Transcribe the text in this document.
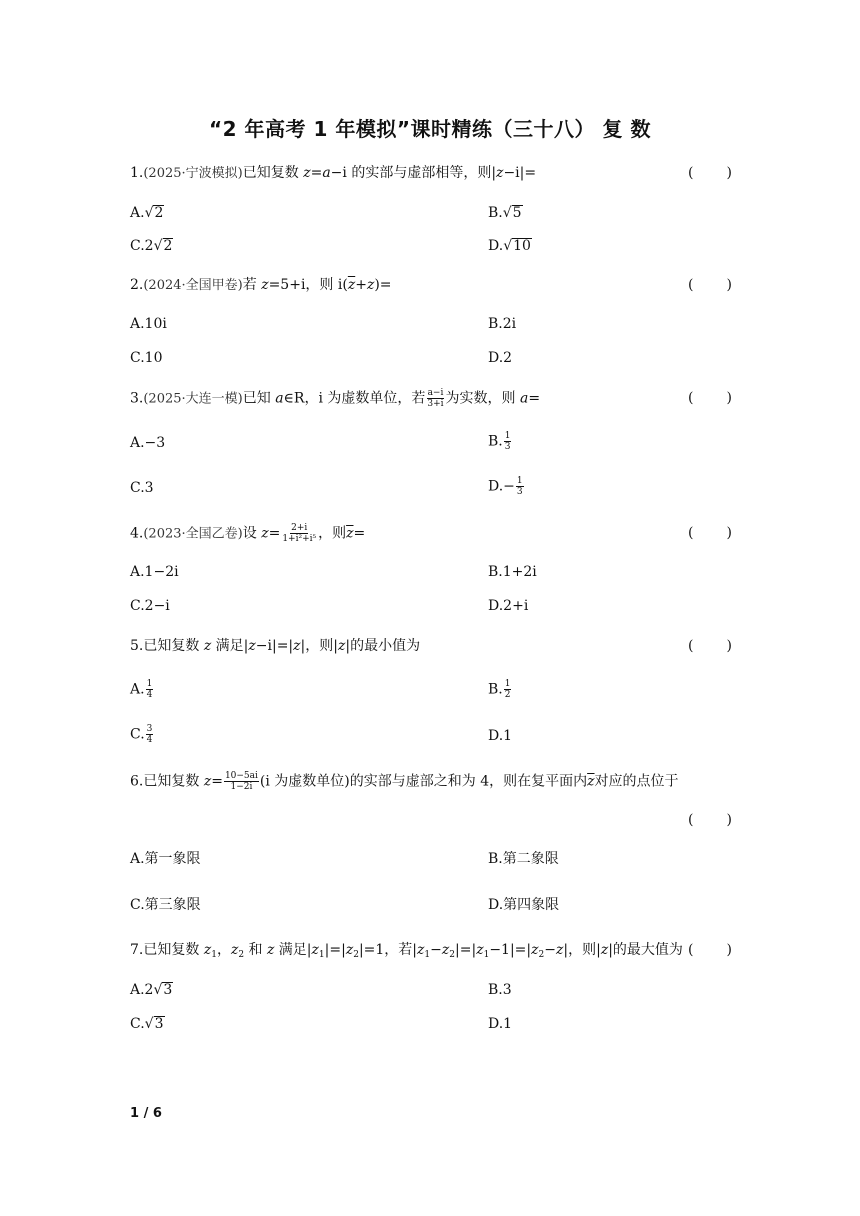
“2 年高考 1 年模拟”课时精练（三十八） 复 数
1.(2025·宁波模拟)已知复数 z=a−i 的实部与虚部相等，则|z−i|=	( )
A.√2	B.√5
C.2√2	D.√10
2.(2024·全国甲卷)若 z=5+i，则 $i(\overline{z}+z)=$	( )
A.10i	B.2i
C.10	D.2
3.(2025·大连一模)已知 a∈R，i 为虚数单位，若 $\frac{a-i}{3+i}$ 为实数，则 a=	( )
A.−3	B. $\frac{1}{3}$
C.3	$D.- \frac{1}{3}$
4.(2023·全国乙卷)设 $z= \frac{2+i}{\text{1+i²+i⁵}}$ ，则$\overline{z}=$	( )
A.1−2i	B.1+2i
C.2−i	D.2+i
5.已知复数 z 满足|z−i|=|z|，则|z|的最小值为	( )
A. $\frac{1}{4}$	B. $\frac{1}{2}$
C. $\frac{3}{4}$	D.1
6.已知复数 $z= \frac{10-5ai}{1-2i} (i$ 为虚数单位)的实部与虚部之和为 4，则在复平面内$\overline{z}$对应的点位于
( )
A.第一象限	B.第二象限
C.第三象限	D.第四象限
7.已知复数 $z_1$，$z_2$ 和 z 满足$|z_1|=|z_2|=1$，若$|z_1-z_2|=|z_1-1|=|z_2-z|$，则|z|的最大值为 ( )
A.2√3	B.3
C.√3	D.1
1 / 6
